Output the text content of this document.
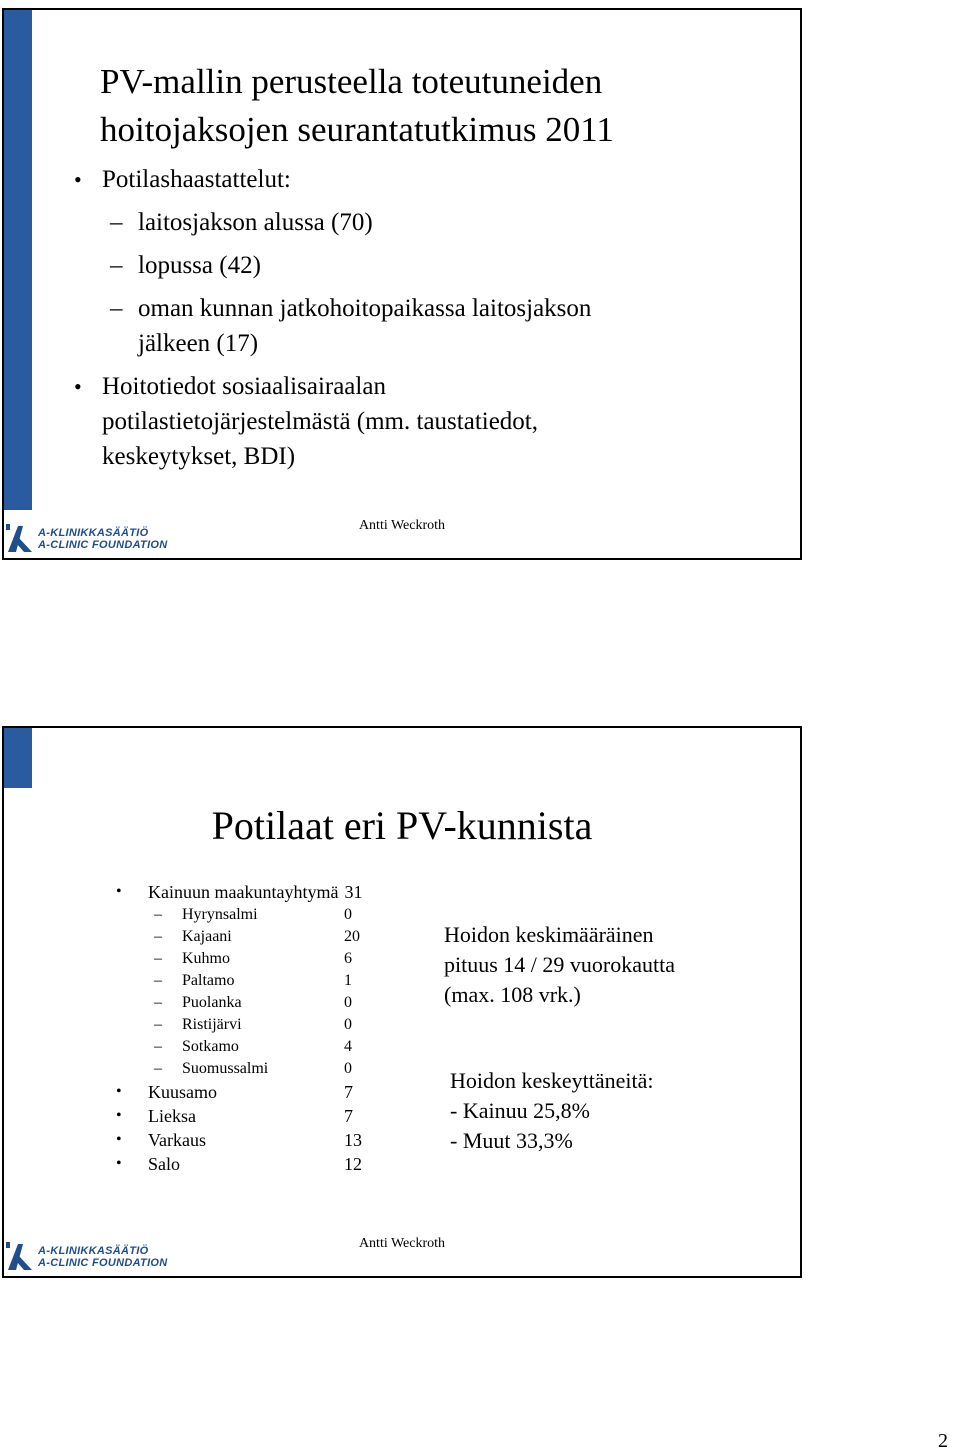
PV-mallin perusteella toteutuneiden
hoitojaksojen seurantatutkimus 2011
• Potilashaastattelut:
– laitosjakson alussa (70)
– lopussa (42)
– oman kunnan jatkohoitopaikassa laitosjakson
jälkeen (17)
• Hoitotiedot sosiaalisairaalan
potilastietojärjestelmästä (mm. taustatiedot,
keskeytykset, BDI)
Antti Weckroth
A-KLINIKKASÄÄTIÖ
A-CLINIC FOUNDATION
Potilaat eri PV-kunnista
•	Kainuun maakuntayhtymä 31
–	Hyrynsalmi	0
–	Kajaani	20
–	Kuhmo	6
–	Paltamo	1
–	Puolanka	0
–	Ristijärvi	0
–	Sotkamo	4
–	Suomussalmi	0
•	Kuusamo	7
•	Lieksa	7
•	Varkaus	13
•	Salo	12
Hoidon keskimääräinen
pituus 14 / 29 vuorokautta
(max. 108 vrk.)
Hoidon keskeyttäneitä:
- Kainuu 25,8%
- Muut 33,3%
Antti Weckroth
A-KLINIKKASÄÄTIÖ
A-CLINIC FOUNDATION
2
